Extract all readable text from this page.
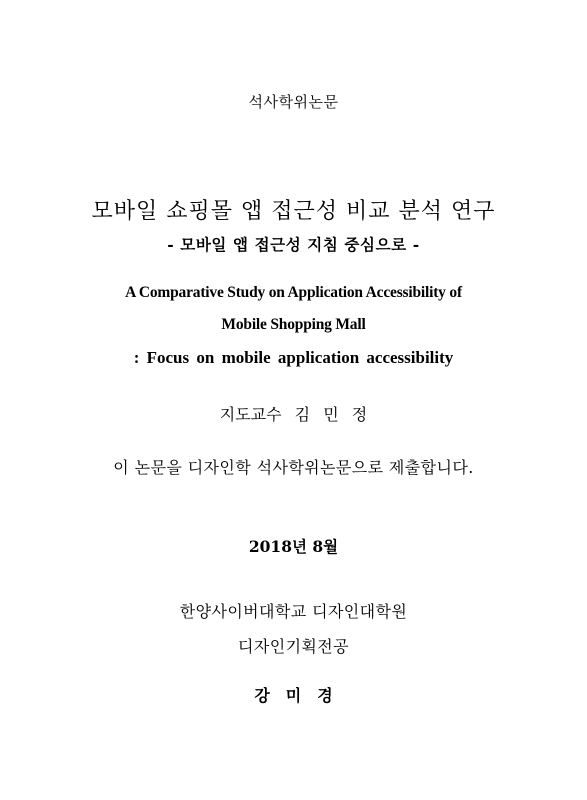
석사학위논문
모바일 쇼핑몰 앱 접근성 비교 분석 연구
- 모바일 앱 접근성 지침 중심으로 -
A Comparative Study on Application Accessibility of
Mobile Shopping Mall
: Focus on mobile application accessibility
지도교수 김 민 정
이 논문을 디자인학 석사학위논문으로 제출합니다.
2018년 8월
한양사이버대학교 디자인대학원
디자인기획전공
강미경
